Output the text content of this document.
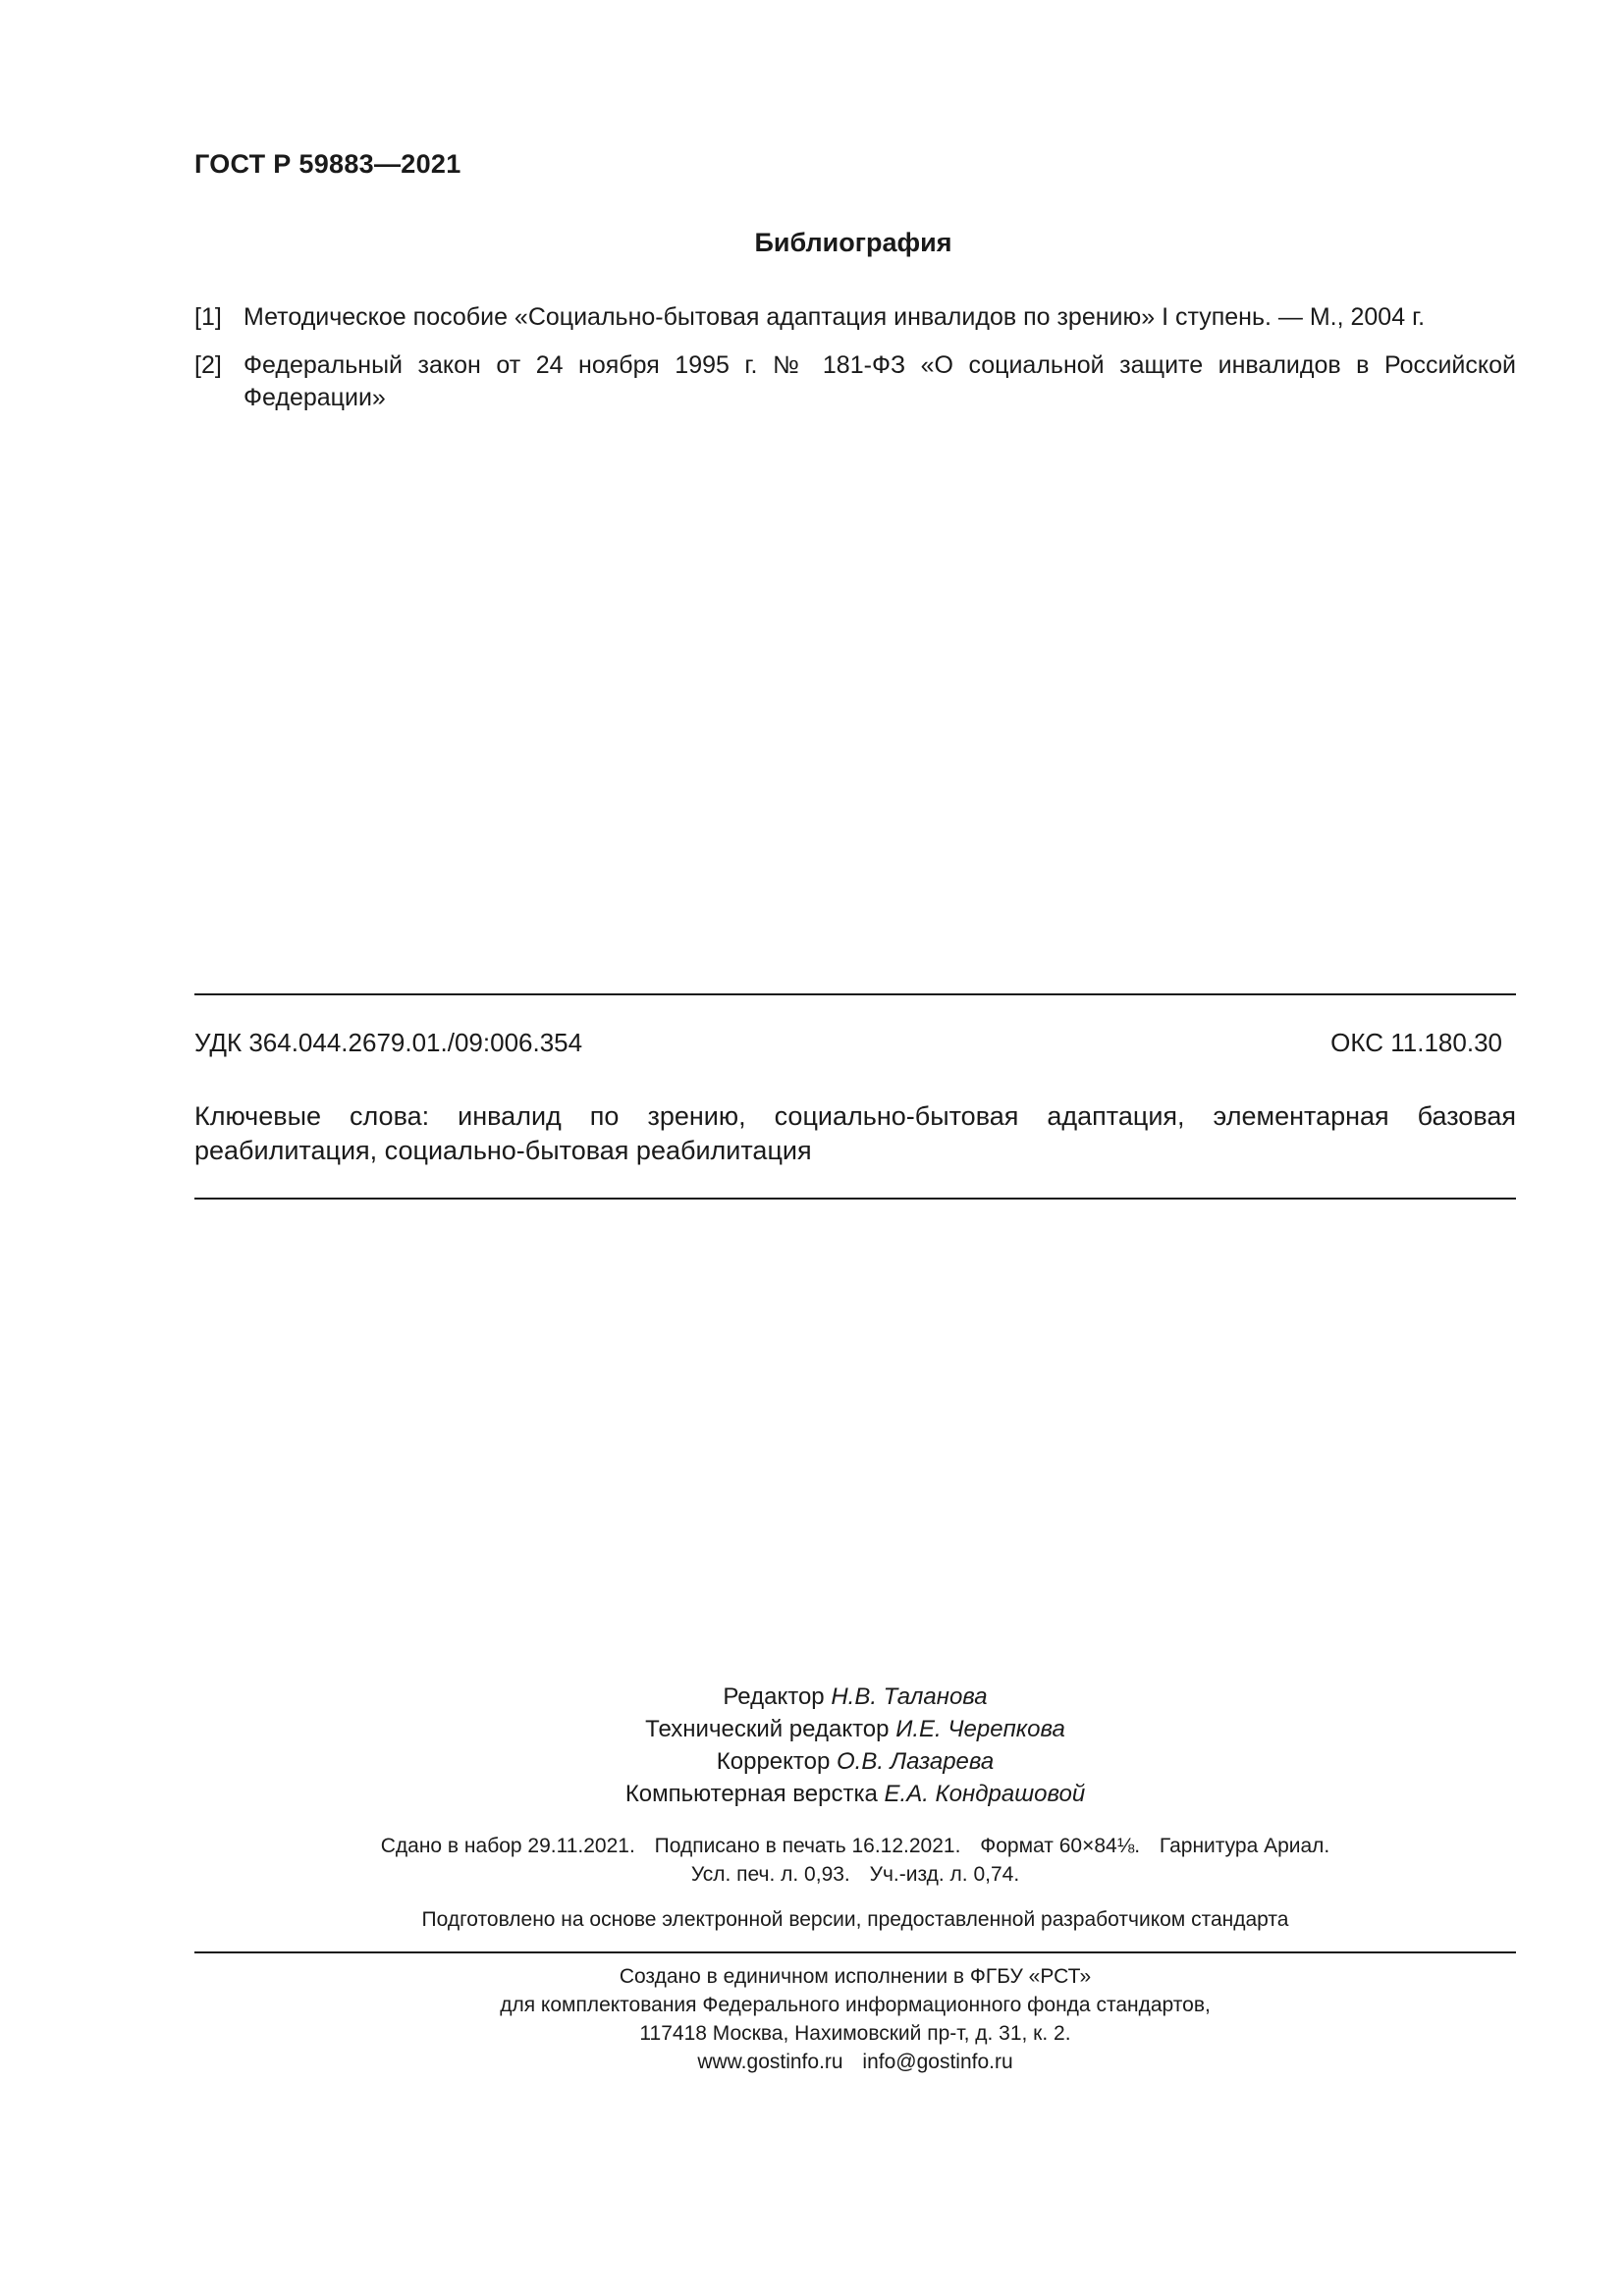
ГОСТ Р 59883—2021
Библиография
[1] Методическое пособие «Социально-бытовая адаптация инвалидов по зрению» I ступень. — М., 2004 г.
[2] Федеральный закон от 24 ноября 1995 г. № 181-ФЗ «О социальной защите инвалидов в Российской Федерации»
УДК 364.044.2679.01./09:006.354	ОКС 11.180.30

Ключевые слова: инвалид по зрению, социально-бытовая адаптация, элементарная базовая реабилитация, социально-бытовая реабилитация

Редактор Н.В. Таланова
Технический редактор И.Е. Черепкова
Корректор О.В. Лазарева
Компьютерная верстка Е.А. Кондрашовой
Сдано в набор 29.11.2021. Подписано в печать 16.12.2021. Формат 60×84⅛. Гарнитура Ариал.
Усл. печ. л. 0,93. Уч.-изд. л. 0,74.
Подготовлено на основе электронной версии, предоставленной разработчиком стандарта
Создано в единичном исполнении в ФГБУ «РСТ»
для комплектования Федерального информационного фонда стандартов,
117418 Москва, Нахимовский пр-т, д. 31, к. 2.
www.gostinfo.ru info@gostinfo.ru
